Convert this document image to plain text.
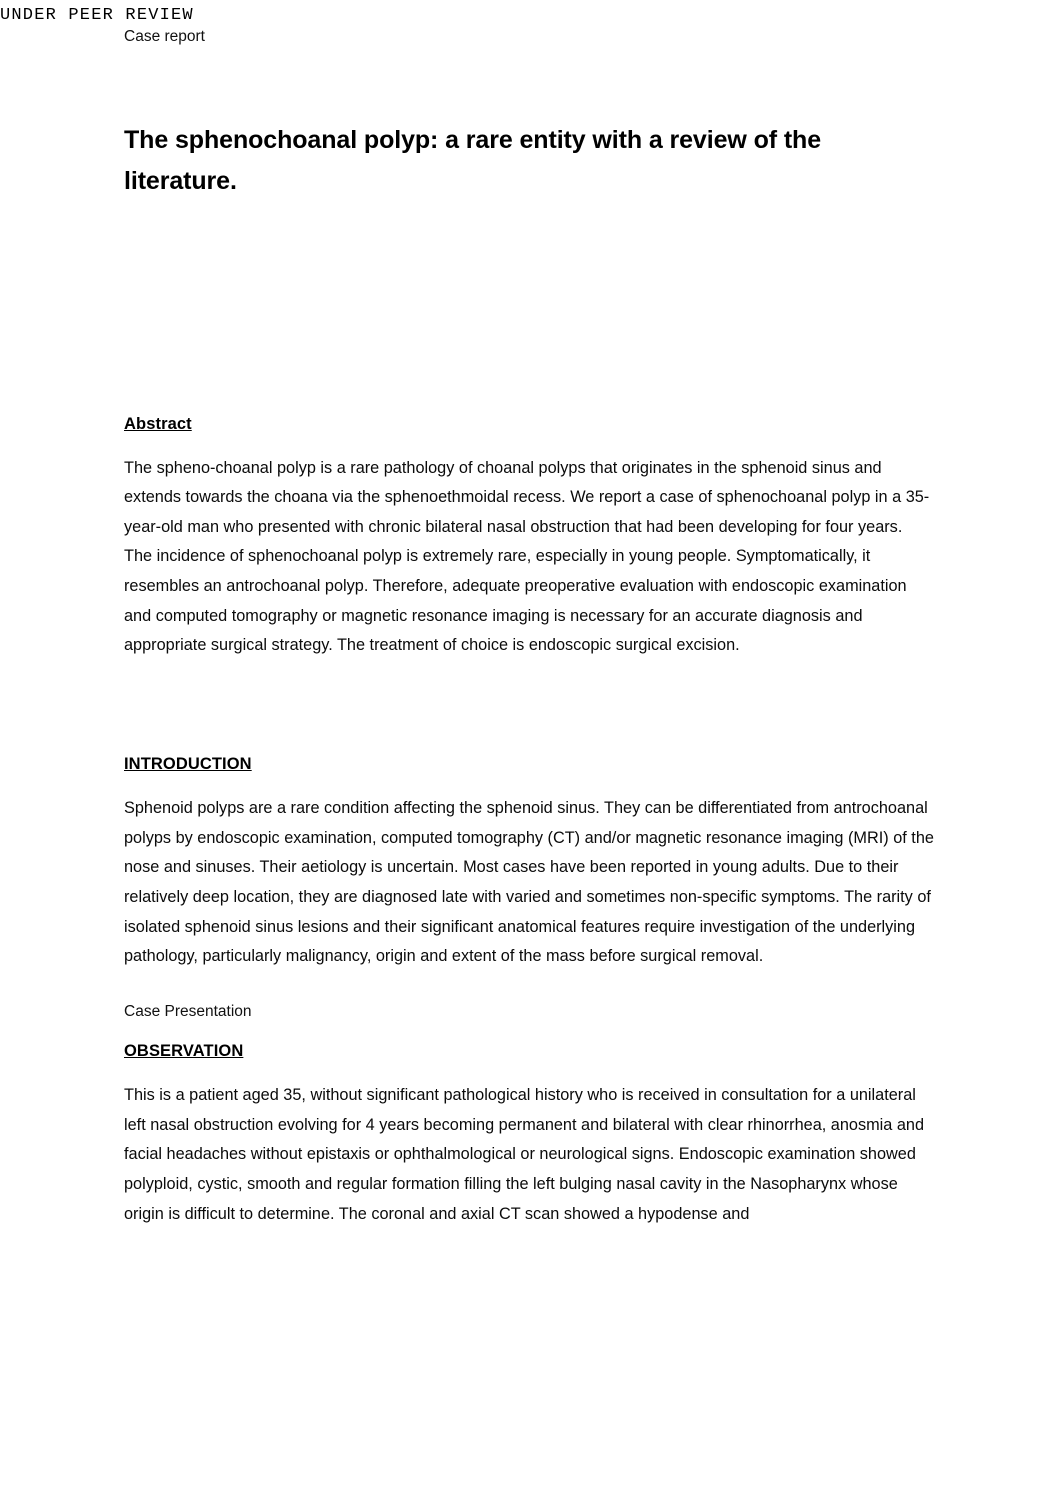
UNDER PEER REVIEW
Case report
The sphenochoanal polyp: a rare entity with a review of the literature.
Abstract

The spheno-choanal polyp is a rare pathology of choanal polyps that originates in the sphenoid sinus and extends towards the choana via the sphenoethmoidal recess. We report a case of sphenochoanal polyp in a 35-year-old man who presented with chronic bilateral nasal obstruction that had been developing for four years. The incidence of sphenochoanal polyp is extremely rare, especially in young people. Symptomatically, it resembles an antrochoanal polyp. Therefore, adequate preoperative evaluation with endoscopic examination and computed tomography or magnetic resonance imaging is necessary for an accurate diagnosis and appropriate surgical strategy. The treatment of choice is endoscopic surgical excision.

INTRODUCTION

Sphenoid polyps are a rare condition affecting the sphenoid sinus. They can be differentiated from antrochoanal polyps by endoscopic examination, computed tomography (CT) and/or magnetic resonance imaging (MRI) of the nose and sinuses. Their aetiology is uncertain. Most cases have been reported in young adults. Due to their relatively deep location, they are diagnosed late with varied and sometimes non-specific symptoms. The rarity of isolated sphenoid sinus lesions and their significant anatomical features require investigation of the underlying pathology, particularly malignancy, origin and extent of the mass before surgical removal.

Case Presentation

OBSERVATION

This is a patient aged 35, without significant pathological history who is received in consultation for a unilateral left nasal obstruction evolving for 4 years becoming permanent and bilateral with clear rhinorrhea, anosmia and facial headaches without epistaxis or ophthalmological or neurological signs. Endoscopic examination showed polyploid, cystic, smooth and regular formation filling the left bulging nasal cavity in the Nasopharynx whose origin is difficult to determine. The coronal and axial CT scan showed a hypodense and
